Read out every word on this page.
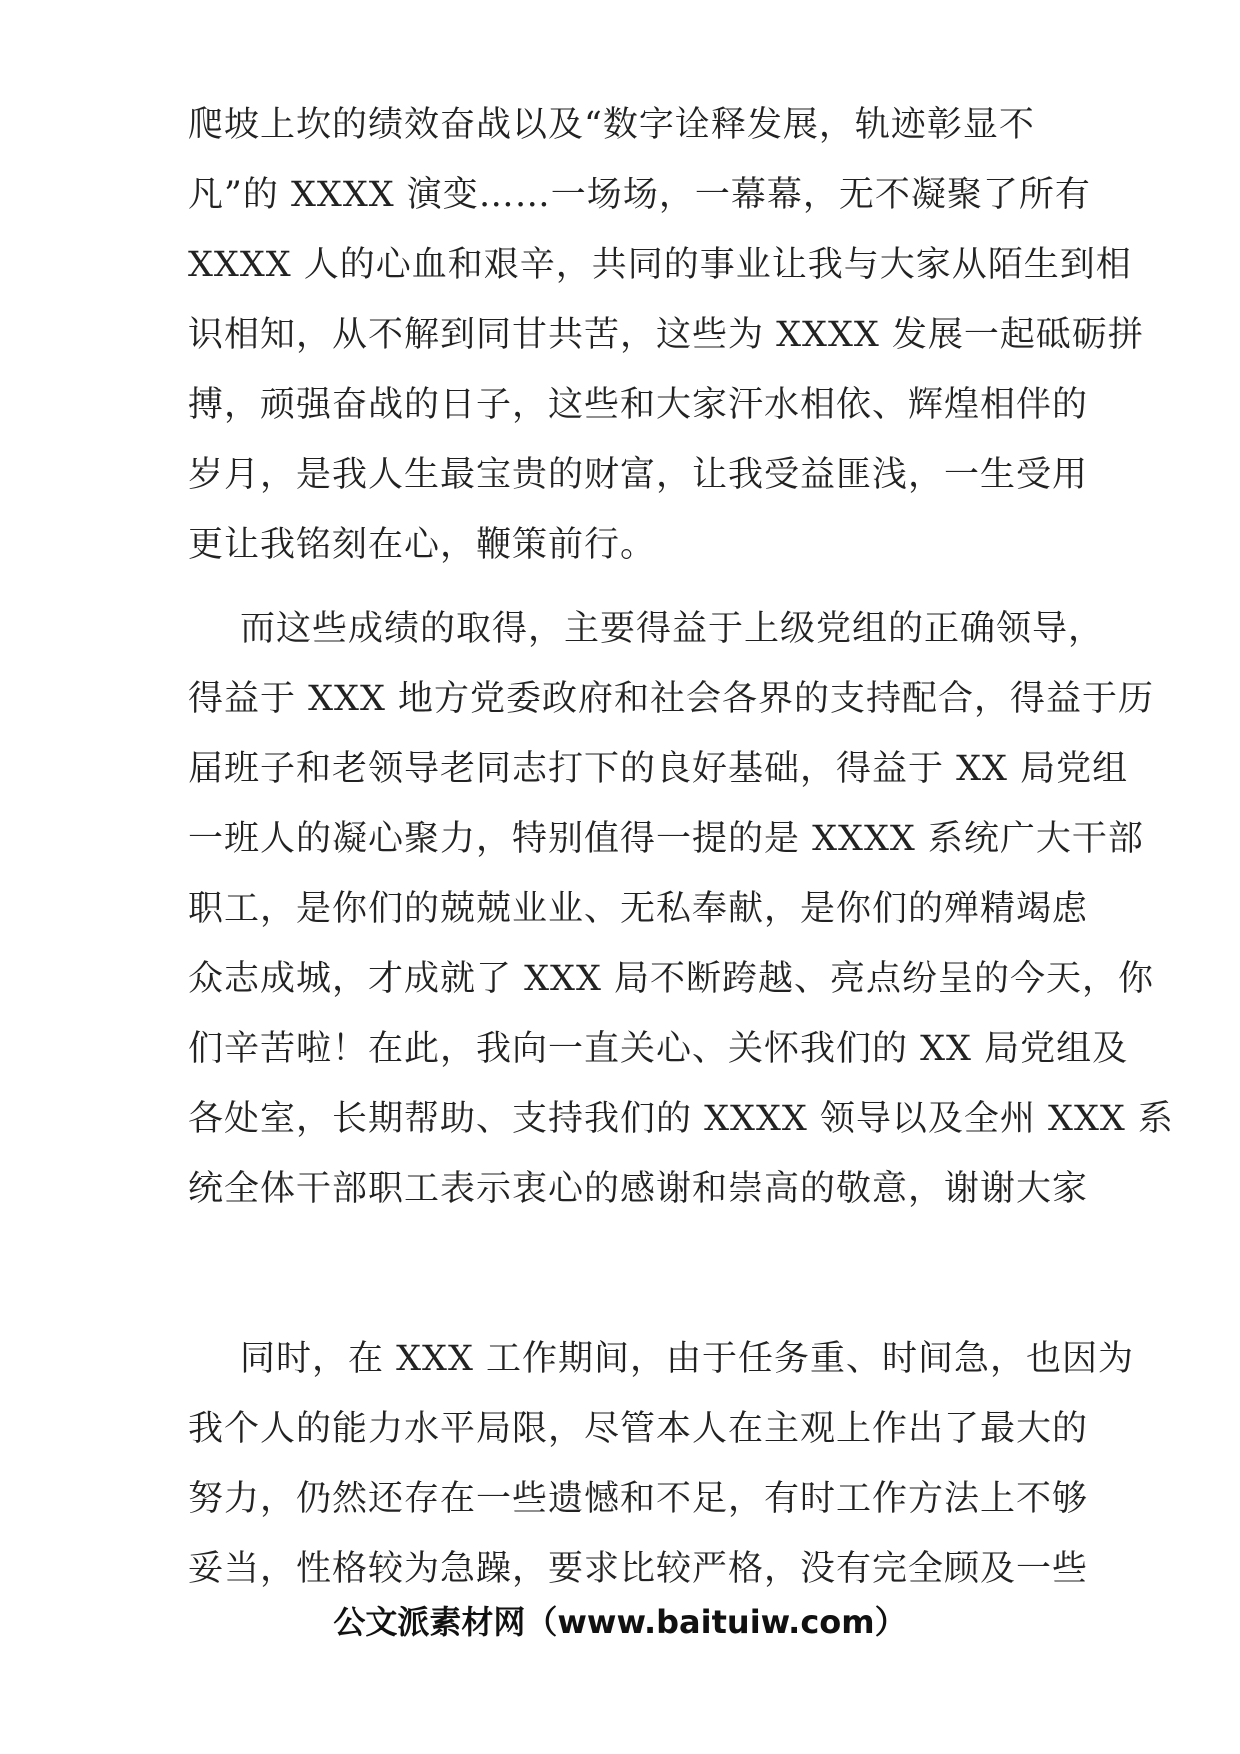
爬坡上坎的绩效奋战以及“数字诠释发展，轨迹彰显不
凡”的 XXXX 演变……一场场，一幕幕，无不凝聚了所有
XXXX 人的心血和艰辛，共同的事业让我与大家从陌生到相
识相知，从不解到同甘共苦，这些为 XXXX 发展一起砥砺拼
搏，顽强奋战的日子，这些和大家汗水相依、辉煌相伴的
岁月，是我人生最宝贵的财富，让我受益匪浅，一生受用
更让我铭刻在心，鞭策前行。
而这些成绩的取得，主要得益于上级党组的正确领导，
得益于 XXX 地方党委政府和社会各界的支持配合，得益于历
届班子和老领导老同志打下的良好基础，得益于 XX 局党组
一班人的凝心聚力，特别值得一提的是 XXXX 系统广大干部
职工，是你们的兢兢业业、无私奉献，是你们的殚精竭虑
众志成城，才成就了 XXX 局不断跨越、亮点纷呈的今天，你
们辛苦啦！在此，我向一直关心、关怀我们的 XX 局党组及
各处室，长期帮助、支持我们的 XXXX 领导以及全州 XXX 系
统全体干部职工表示衷心的感谢和崇高的敬意，谢谢大家
同时，在 XXX 工作期间，由于任务重、时间急，也因为
我个人的能力水平局限，尽管本人在主观上作出了最大的
努力，仍然还存在一些遗憾和不足，有时工作方法上不够
妥当，性格较为急躁，要求比较严格，没有完全顾及一些
公文派素材网（www.baituiw.com）
